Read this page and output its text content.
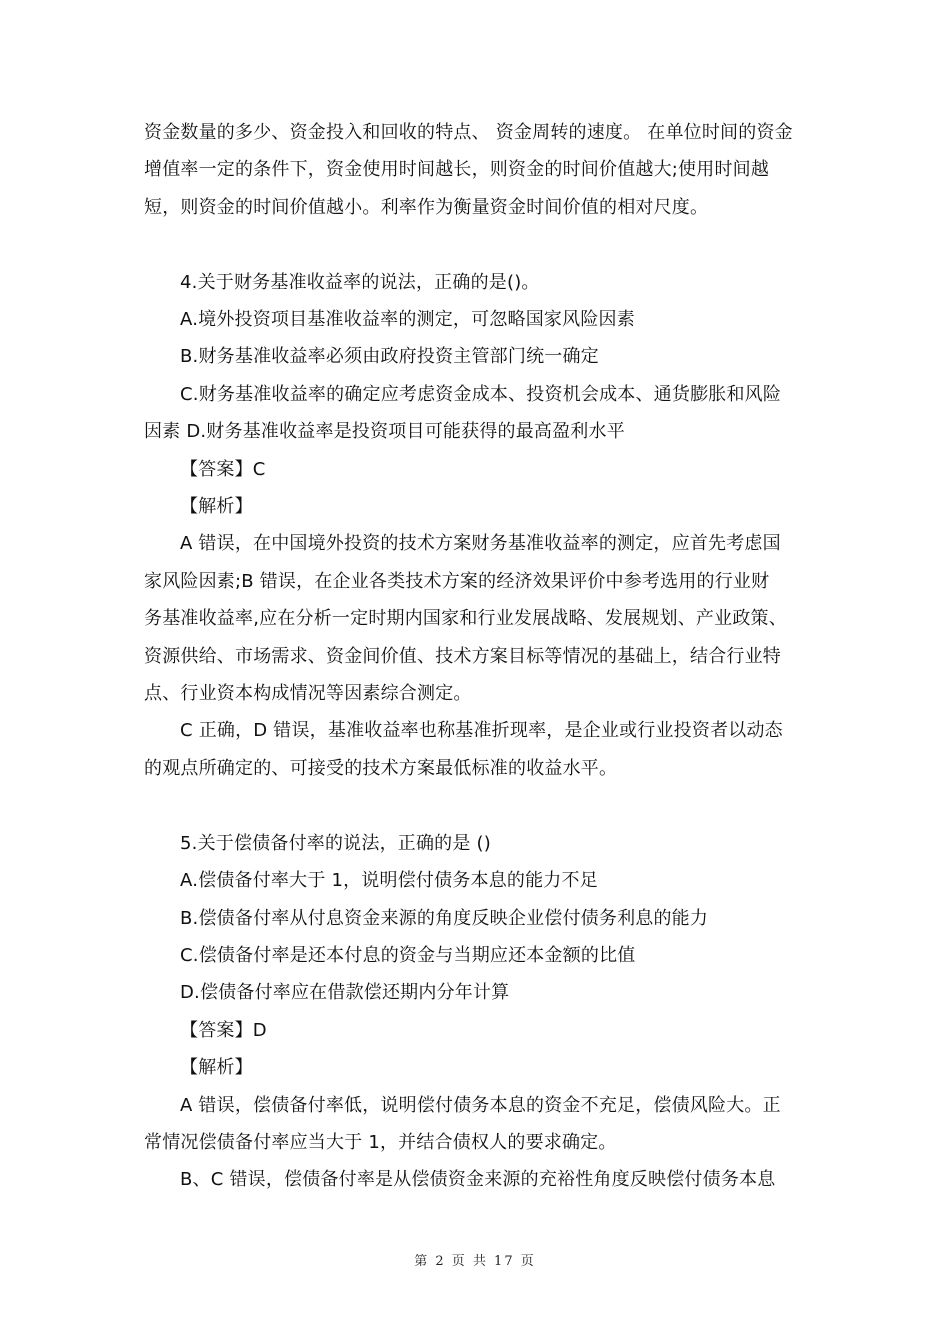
资金数量的多少、资金投入和回收的特点、 资金周转的速度。 在单位时间的资金
增值率一定的条件下，资金使用时间越长，则资金的时间价值越大;使用时间越
短，则资金的时间价值越小。利率作为衡量资金时间价值的相对尺度。
4.关于财务基准收益率的说法，正确的是()。
A.境外投资项目基准收益率的测定，可忽略国家风险因素
B.财务基准收益率必须由政府投资主管部门统一确定
C.财务基准收益率的确定应考虑资金成本、投资机会成本、通货膨胀和风险
因素 D.财务基准收益率是投资项目可能获得的最高盈利水平
【答案】C
【解析】
A 错误，在中国境外投资的技术方案财务基准收益率的测定，应首先考虑国
家风险因素;B 错误，在企业各类技术方案的经济效果评价中参考选用的行业财
务基准收益率,应在分析一定时期内国家和行业发展战略、发展规划、产业政策、
资源供给、市场需求、资金间价值、技术方案目标等情况的基础上，结合行业特
点、行业资本构成情况等因素综合测定。
C 正确，D 错误，基准收益率也称基准折现率，是企业或行业投资者以动态
的观点所确定的、可接受的技术方案最低标准的收益水平。
5.关于偿债备付率的说法，正确的是 ()
A.偿债备付率大于 1，说明偿付债务本息的能力不足
B.偿债备付率从付息资金来源的角度反映企业偿付债务利息的能力
C.偿债备付率是还本付息的资金与当期应还本金额的比值
D.偿债备付率应在借款偿还期内分年计算
【答案】D
【解析】
A 错误，偿债备付率低，说明偿付债务本息的资金不充足，偿债风险大。正
常情况偿债备付率应当大于 1，并结合债权人的要求确定。
B、C 错误，偿债备付率是从偿债资金来源的充裕性角度反映偿付债务本息
第 2 页 共 17 页
